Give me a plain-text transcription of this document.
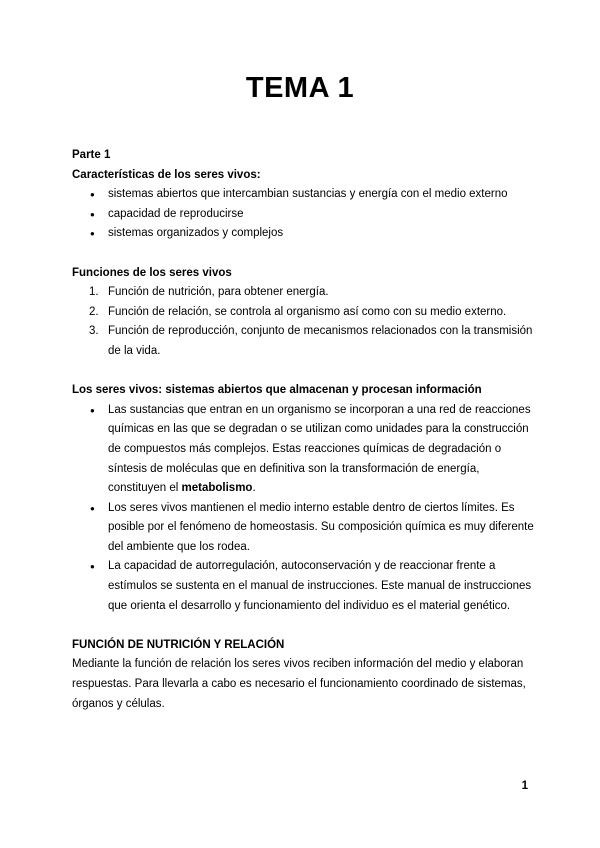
TEMA 1

Parte 1

Características de los seres vivos:

● sistemas abiertos que intercambian sustancias y energía con el medio externo
● capacidad de reproducirse
● sistemas organizados y complejos

Funciones de los seres vivos

1. Función de nutrición, para obtener energía.
2. Función de relación, se controla al organismo así como con su medio externo.
3. Función de reproducción, conjunto de mecanismos relacionados con la transmisión de la vida.

Los seres vivos: sistemas abiertos que almacenan y procesan información

● Las sustancias que entran en un organismo se incorporan a una red de reacciones químicas en las que se degradan o se utilizan como unidades para la construcción de compuestos más complejos. Estas reacciones químicas de degradación o síntesis de moléculas que en definitiva son la transformación de energía, constituyen el metabolismo.
● Los seres vivos mantienen el medio interno estable dentro de ciertos límites. Es posible por el fenómeno de homeostasis. Su composición química es muy diferente del ambiente que los rodea.
● La capacidad de autorregulación, autoconservación y de reaccionar frente a estímulos se sustenta en el manual de instrucciones. Este manual de instrucciones que orienta el desarrollo y funcionamiento del individuo es el material genético.

FUNCIÓN DE NUTRICIÓN Y RELACIÓN

Mediante la función de relación los seres vivos reciben información del medio y elaboran respuestas. Para llevarla a cabo es necesario el funcionamiento coordinado de sistemas, órganos y células.

1
